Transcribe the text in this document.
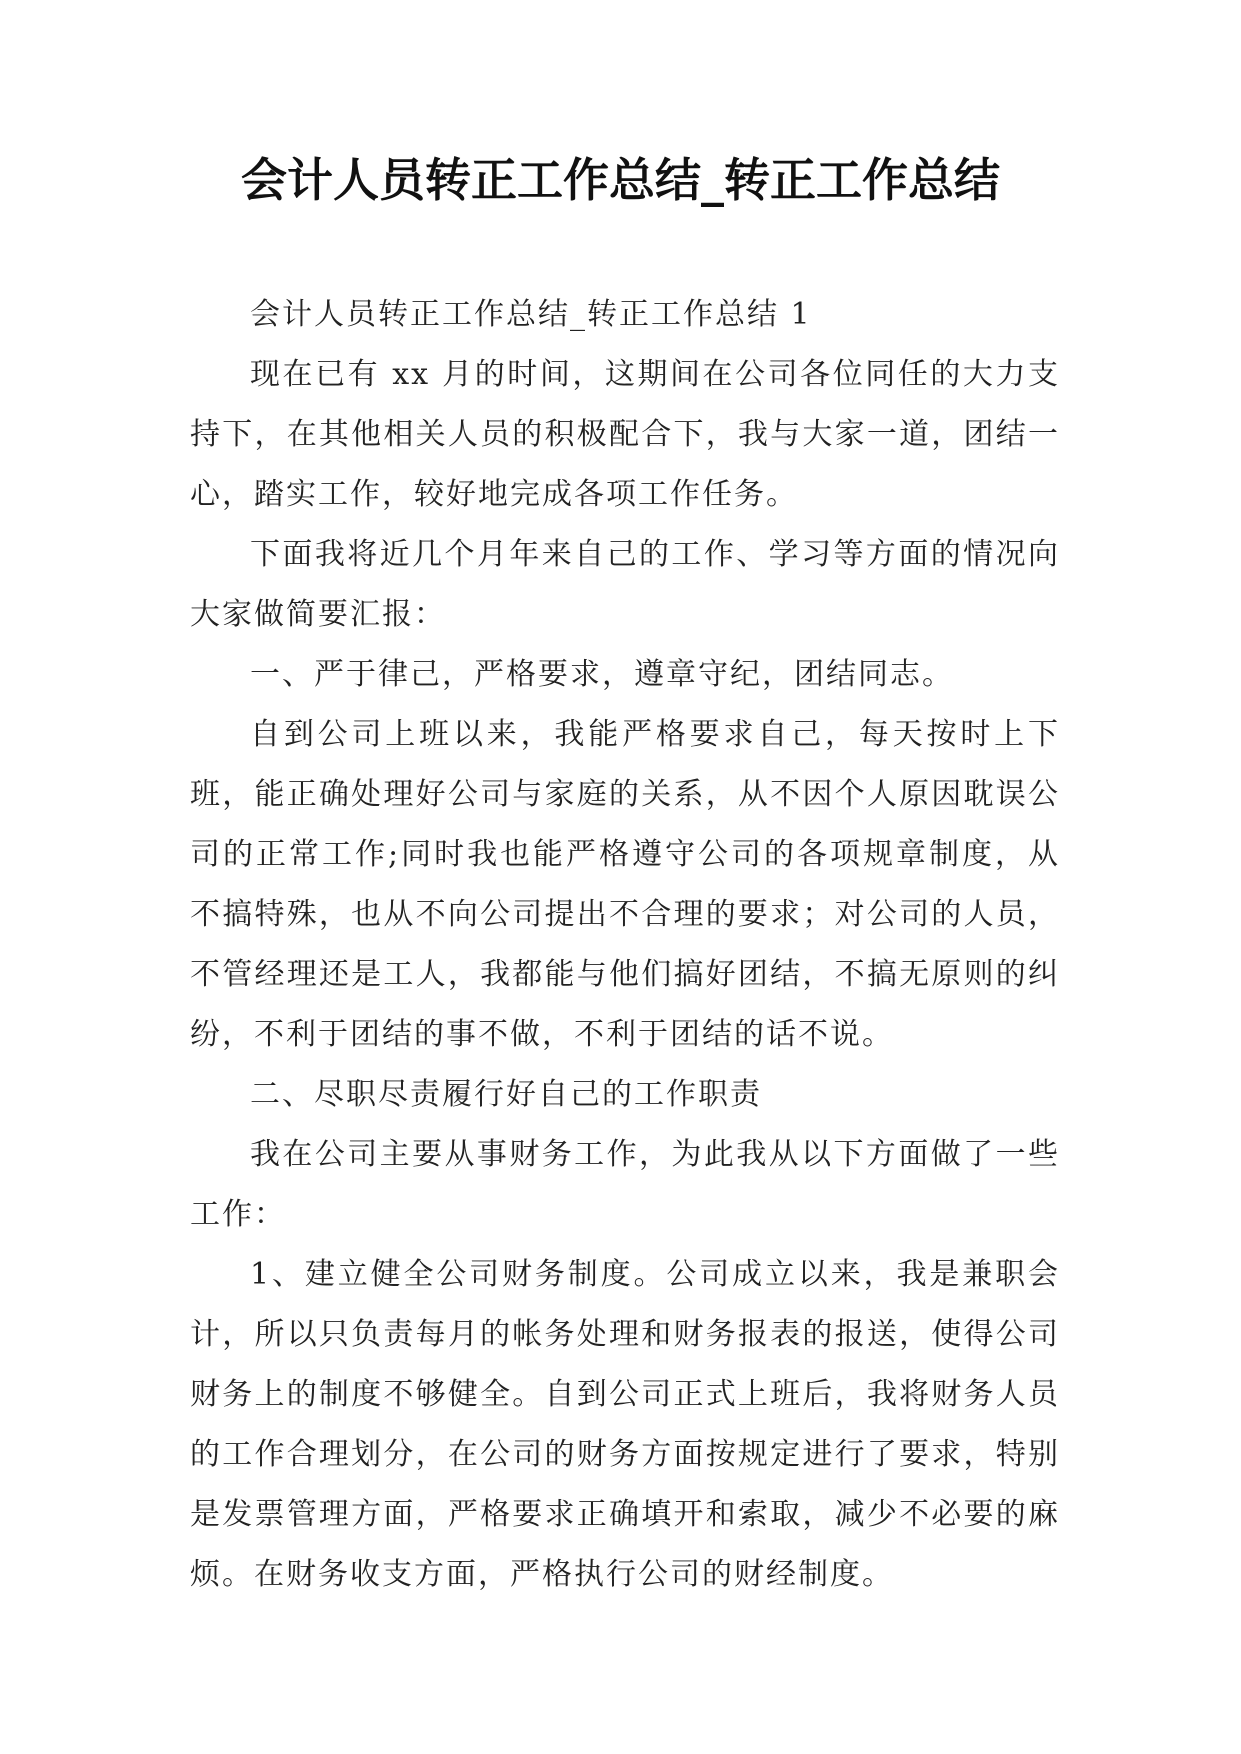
会计人员转正工作总结_转正工作总结

会计人员转正工作总结_转正工作总结 1

现在已有 xx 月的时间，这期间在公司各位同任的大力支持下，在其他相关人员的积极配合下，我与大家一道，团结一心，踏实工作，较好地完成各项工作任务。

下面我将近几个月年来自己的工作、学习等方面的情况向大家做简要汇报：

一、严于律己，严格要求，遵章守纪，团结同志。

自到公司上班以来，我能严格要求自己，每天按时上下班，能正确处理好公司与家庭的关系，从不因个人原因耽误公司的正常工作;同时我也能严格遵守公司的各项规章制度，从不搞特殊，也从不向公司提出不合理的要求；对公司的人员，不管经理还是工人，我都能与他们搞好团结，不搞无原则的纠纷，不利于团结的事不做，不利于团结的话不说。

二、尽职尽责履行好自己的工作职责

我在公司主要从事财务工作，为此我从以下方面做了一些工作：

1、建立健全公司财务制度。公司成立以来，我是兼职会计，所以只负责每月的帐务处理和财务报表的报送，使得公司财务上的制度不够健全。自到公司正式上班后，我将财务人员的工作合理划分，在公司的财务方面按规定进行了要求，特别是发票管理方面，严格要求正确填开和索取，减少不必要的麻烦。在财务收支方面，严格执行公司的财经制度。
